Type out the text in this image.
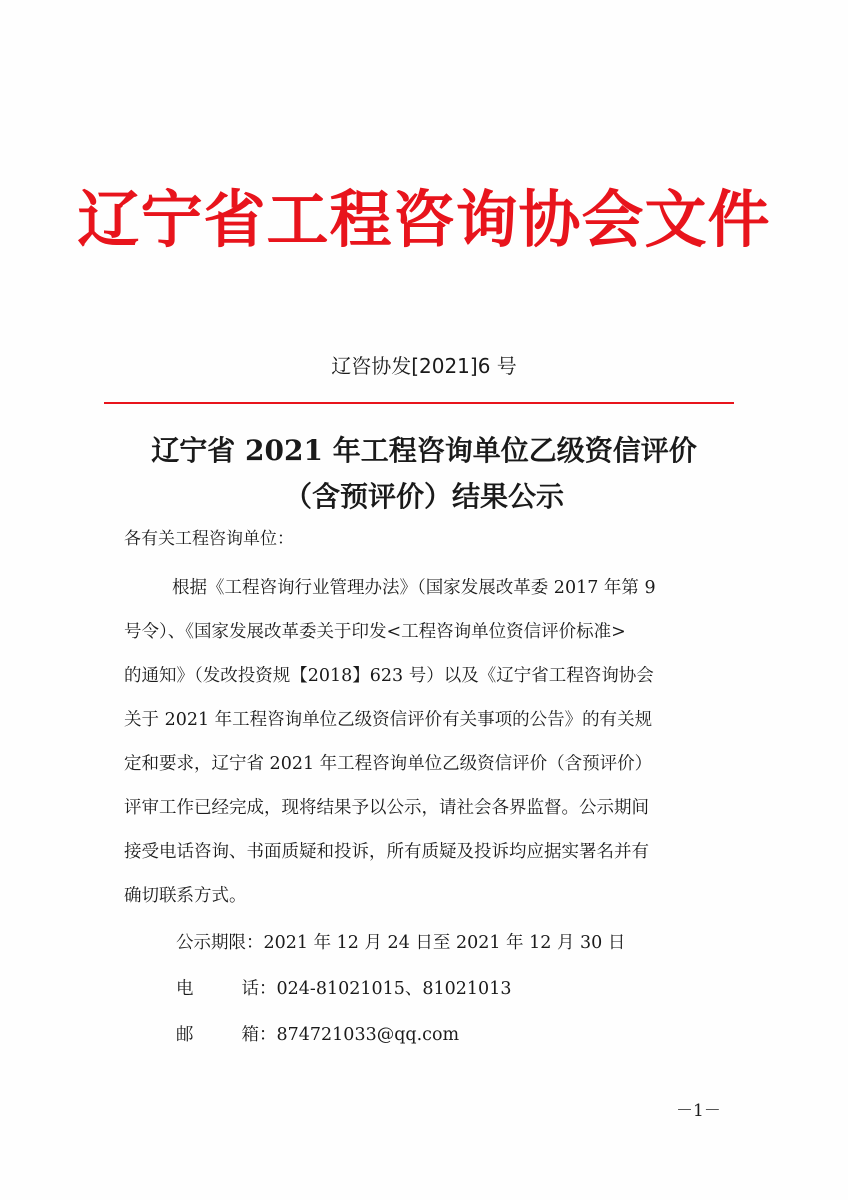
辽宁省工程咨询协会文件
辽咨协发[2021]6 号
辽宁省 2021 年工程咨询单位乙级资信评价
（含预评价）结果公示
各有关工程咨询单位：
根据《工程咨询行业管理办法》（国家发展改革委 2017 年第 9
号令）、《国家发展改革委关于印发<工程咨询单位资信评价标准>
的通知》（发改投资规【2018】623 号）以及《辽宁省工程咨询协会
关于 2021 年工程咨询单位乙级资信评价有关事项的公告》的有关规
定和要求，辽宁省 2021 年工程咨询单位乙级资信评价（含预评价）
评审工作已经完成，现将结果予以公示，请社会各界监督。公示期间
接受电话咨询、书面质疑和投诉，所有质疑及投诉均应据实署名并有
确切联系方式。
公示期限：2021 年 12 月 24 日至 2021 年 12 月 30 日
电话：024-81021015、81021013
邮箱：874721033@qq.com
－1－
